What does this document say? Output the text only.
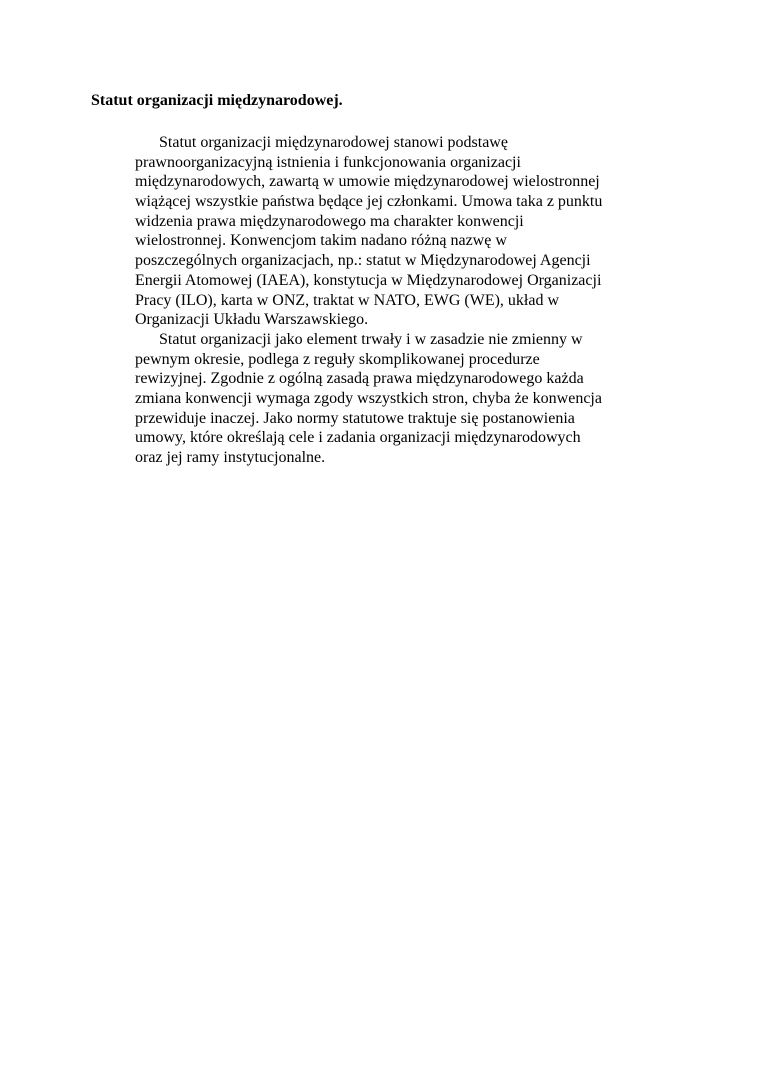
Statut organizacji międzynarodowej.
Statut organizacji międzynarodowej stanowi podstawę
prawnoorganizacyjną istnienia i funkcjonowania organizacji
międzynarodowych, zawartą w umowie międzynarodowej wielostronnej
wiążącej wszystkie państwa będące jej członkami. Umowa taka z punktu
widzenia prawa międzynarodowego ma charakter konwencji
wielostronnej. Konwencjom takim nadano różną nazwę w
poszczególnych organizacjach, np.: statut w Międzynarodowej Agencji
Energii Atomowej (IAEA), konstytucja w Międzynarodowej Organizacji
Pracy (ILO), karta w ONZ, traktat w NATO, EWG (WE), układ w
Organizacji Układu Warszawskiego.
Statut organizacji jako element trwały i w zasadzie nie zmienny w
pewnym okresie, podlega z reguły skomplikowanej procedurze
rewizyjnej. Zgodnie z ogólną zasadą prawa międzynarodowego każda
zmiana konwencji wymaga zgody wszystkich stron, chyba że konwencja
przewiduje inaczej. Jako normy statutowe traktuje się postanowienia
umowy, które określają cele i zadania organizacji międzynarodowych
oraz jej ramy instytucjonalne.
